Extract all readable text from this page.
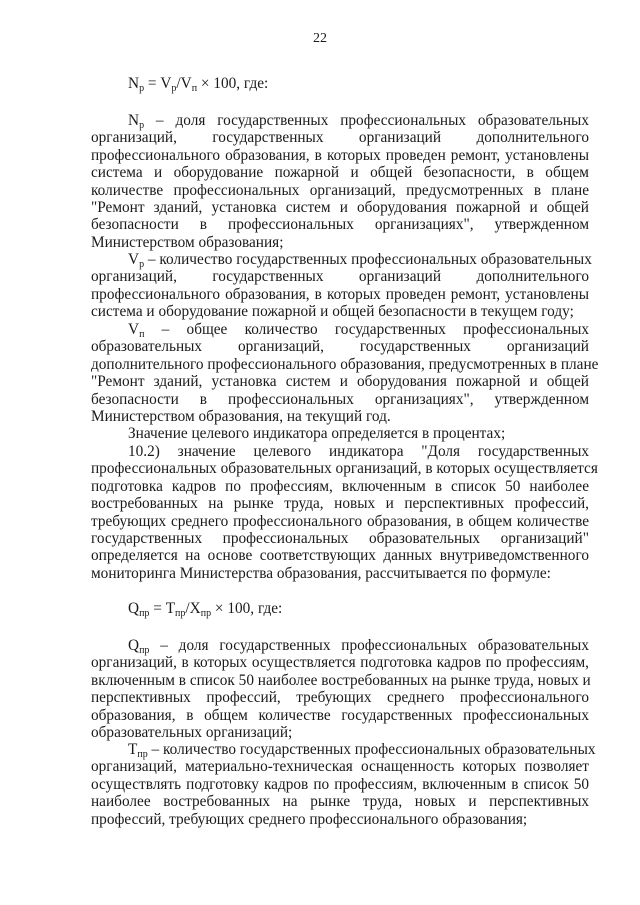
22
$N_р = V_р/V_п \times 100$, где:
$N_р$ – доля государственных профессиональных образовательных
организаций, государственных организаций дополнительного
профессионального образования, в которых проведен ремонт, установлены
система и оборудование пожарной и общей безопасности, в общем
количестве профессиональных организаций, предусмотренных в плане
"Ремонт зданий, установка систем и оборудования пожарной и общей
безопасности в профессиональных организациях", утвержденном
Министерством образования;
$V_р$ – количество государственных профессиональных образовательных
организаций, государственных организаций дополнительного
профессионального образования, в которых проведен ремонт, установлены
система и оборудование пожарной и общей безопасности в текущем году;
$V_п$ – общее количество государственных профессиональных
образовательных организаций, государственных организаций
дополнительного профессионального образования, предусмотренных в плане
"Ремонт зданий, установка систем и оборудования пожарной и общей
безопасности в профессиональных организациях", утвержденном
Министерством образования, на текущий год.
Значение целевого индикатора определяется в процентах;
10.2) значение целевого индикатора "Доля государственных
профессиональных образовательных организаций, в которых осуществляется
подготовка кадров по профессиям, включенным в список 50 наиболее
востребованных на рынке труда, новых и перспективных профессий,
требующих среднего профессионального образования, в общем количестве
государственных профессиональных образовательных организаций"
определяется на основе соответствующих данных внутриведомственного
мониторинга Министерства образования, рассчитывается по формуле:
$Q_{пр} = T_{пр}/X_{пр} \times 100$, где:
$Q_{пр}$ – доля государственных профессиональных образовательных
организаций, в которых осуществляется подготовка кадров по профессиям,
включенным в список 50 наиболее востребованных на рынке труда, новых и
перспективных профессий, требующих среднего профессионального
образования, в общем количестве государственных профессиональных
образовательных организаций;
$T_{пр}$ – количество государственных профессиональных образовательных
организаций, материально-техническая оснащенность которых позволяет
осуществлять подготовку кадров по профессиям, включенным в список 50
наиболее востребованных на рынке труда, новых и перспективных
профессий, требующих среднего профессионального образования;
